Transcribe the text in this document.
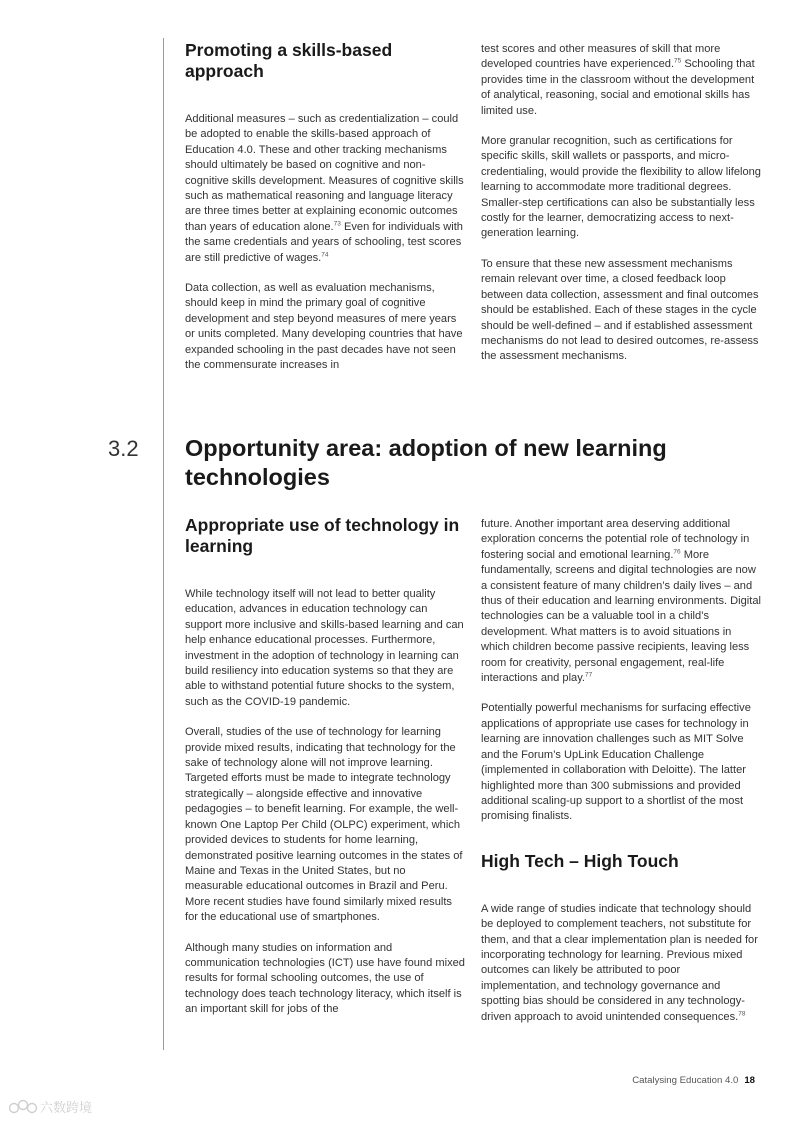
Promoting a skills-based approach

Additional measures – such as credentialization – could be adopted to enable the skills-based approach of Education 4.0. These and other tracking mechanisms should ultimately be based on cognitive and non-cognitive skills development. Measures of cognitive skills such as mathematical reasoning and language literacy are three times better at explaining economic outcomes than years of education alone.$^{73}$ Even for individuals with the same credentials and years of schooling, test scores are still predictive of wages.$^{74}$

Data collection, as well as evaluation mechanisms, should keep in mind the primary goal of cognitive development and step beyond measures of mere years or units completed. Many developing countries that have expanded schooling in the past decades have not seen the commensurate increases in

test scores and other measures of skill that more developed countries have experienced.$^{75}$ Schooling that provides time in the classroom without the development of analytical, reasoning, social and emotional skills has limited use.

More granular recognition, such as certifications for specific skills, skill wallets or passports, and micro-credentialing, would provide the flexibility to allow lifelong learning to accommodate more traditional degrees. Smaller-step certifications can also be substantially less costly for the learner, democratizing access to next-generation learning.

To ensure that these new assessment mechanisms remain relevant over time, a closed feedback loop between data collection, assessment and final outcomes should be established. Each of these stages in the cycle should be well-defined – and if established assessment mechanisms do not lead to desired outcomes, re-assess the assessment mechanisms.

3.2 Opportunity area: adoption of new learning technologies
Appropriate use of technology in learning

While technology itself will not lead to better quality education, advances in education technology can support more inclusive and skills-based learning and can help enhance educational processes. Furthermore, investment in the adoption of technology in learning can build resiliency into education systems so that they are able to withstand potential future shocks to the system, such as the COVID-19 pandemic.

Overall, studies of the use of technology for learning provide mixed results, indicating that technology for the sake of technology alone will not improve learning. Targeted efforts must be made to integrate technology strategically – alongside effective and innovative pedagogies – to benefit learning. For example, the well-known One Laptop Per Child (OLPC) experiment, which provided devices to students for home learning, demonstrated positive learning outcomes in the states of Maine and Texas in the United States, but no measurable educational outcomes in Brazil and Peru. More recent studies have found similarly mixed results for the educational use of smartphones.

Although many studies on information and communication technologies (ICT) use have found mixed results for formal schooling outcomes, the use of technology does teach technology literacy, which itself is an important skill for jobs of the

future. Another important area deserving additional exploration concerns the potential role of technology in fostering social and emotional learning.$^{76}$ More fundamentally, screens and digital technologies are now a consistent feature of many children’s daily lives – and thus of their education and learning environments. Digital technologies can be a valuable tool in a child’s development. What matters is to avoid situations in which children become passive recipients, leaving less room for creativity, personal engagement, real-life interactions and play.$^{77}$

Potentially powerful mechanisms for surfacing effective applications of appropriate use cases for technology in learning are innovation challenges such as MIT Solve and the Forum’s UpLink Education Challenge (implemented in collaboration with Deloitte). The latter highlighted more than 300 submissions and provided additional scaling-up support to a shortlist of the most promising finalists.

High Tech – High Touch

A wide range of studies indicate that technology should be deployed to complement teachers, not substitute for them, and that a clear implementation plan is needed for incorporating technology for learning. Previous mixed outcomes can likely be attributed to poor implementation, and technology governance and spotting bias should be considered in any technology-driven approach to avoid unintended consequences.$^{78}$

Catalysing Education 4.0 18
六数跨境
